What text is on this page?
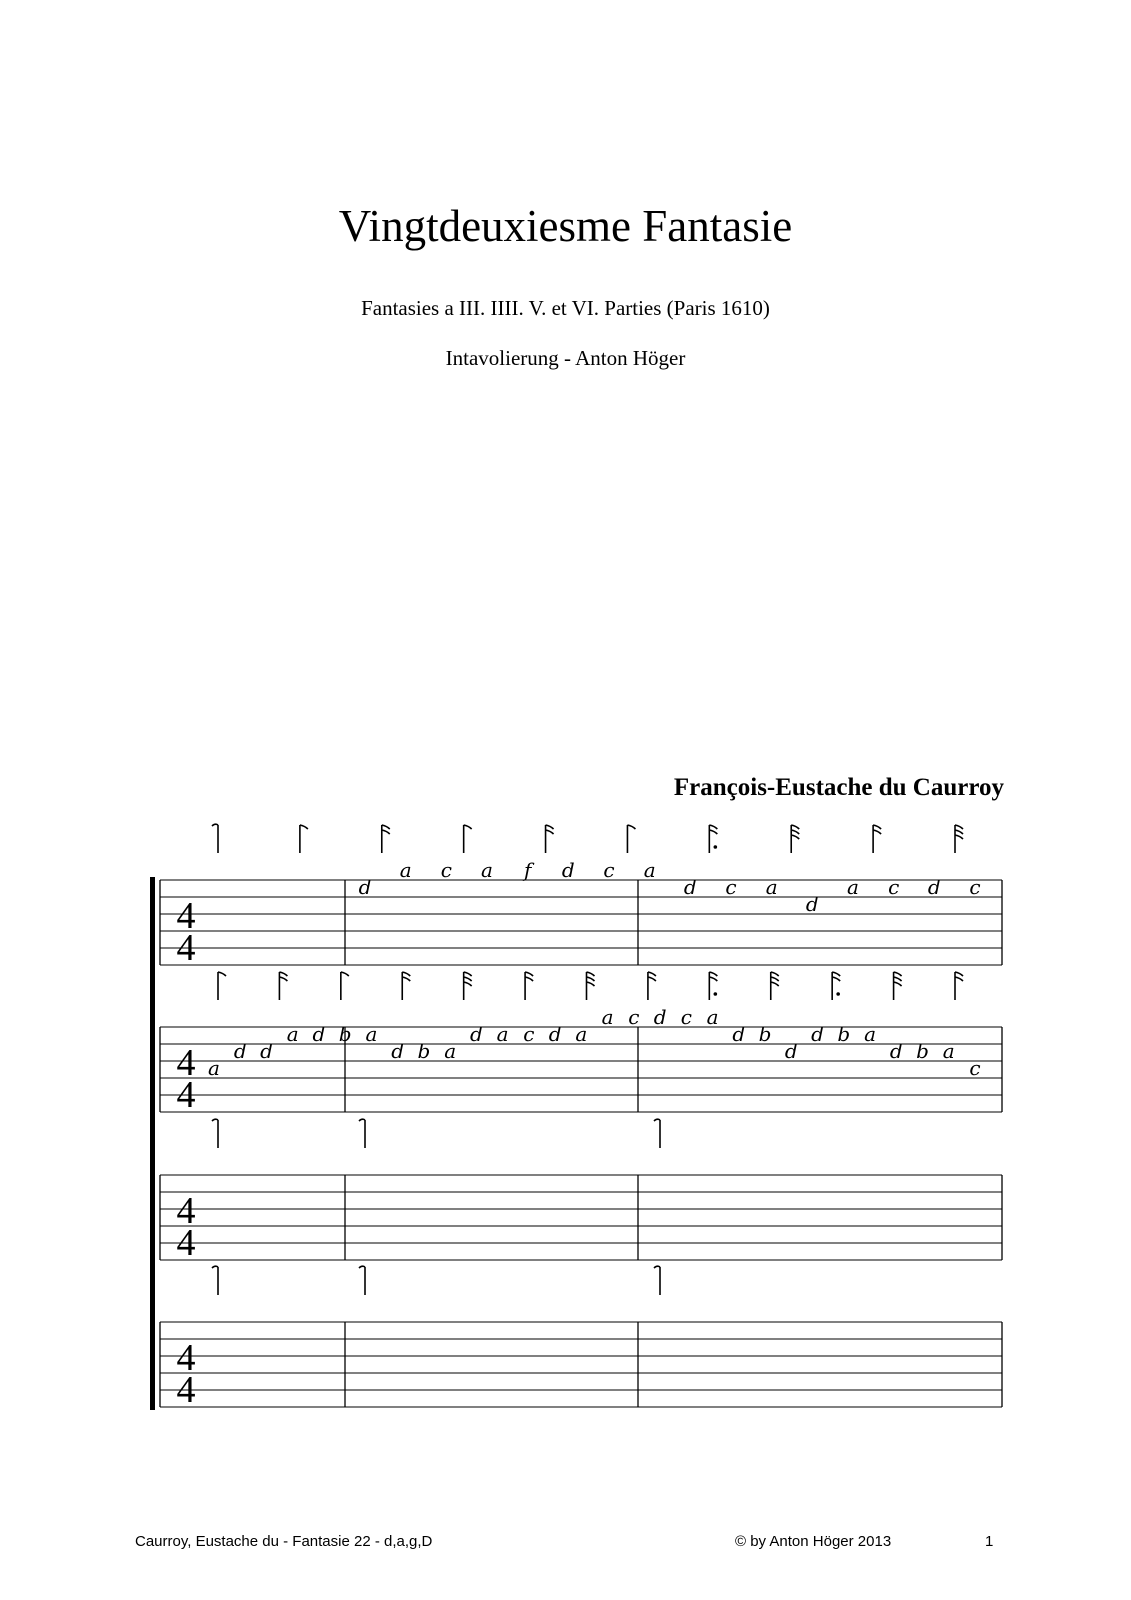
Vingtdeuxiesme Fantasie
Fantasies a III. IIII. V. et VI. Parties (Paris 1610)
Intavolierung - Anton Höger
François-Eustache du Caurroy
4
4
d
a c a f d c a
d c a
d
a c d c
4
4
a
d d
a d b a
d b a
d a c d a
a c d c a
d b
d
d b a
d b a
c
4
4
4
4
Caurroy, Eustache du - Fantasie 22 - d,a,g,D	© by Anton Höger 2013	1
